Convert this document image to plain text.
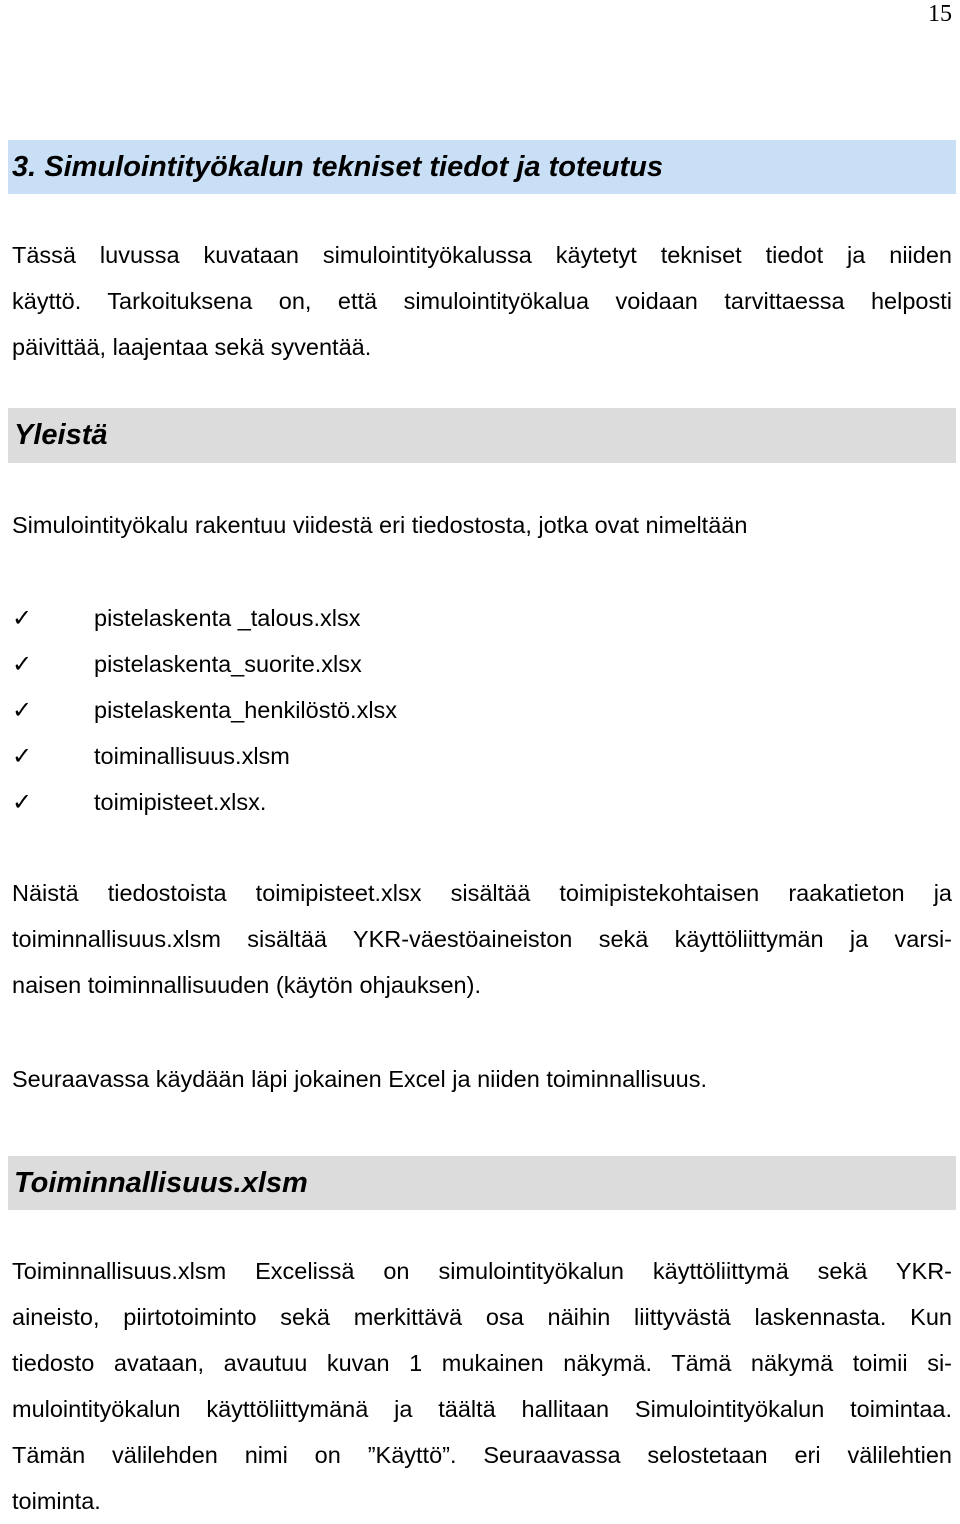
15
3. Simulointityökalun tekniset tiedot ja toteutus
Tässä luvussa kuvataan simulointityökalussa käytetyt tekniset tiedot ja niiden
käyttö. Tarkoituksena on, että simulointityökalua voidaan tarvittaessa helposti
päivittää, laajentaa sekä syventää.
Yleistä
Simulointityökalu rakentuu viidestä eri tiedostosta, jotka ovat nimeltään
✓	pistelaskenta _talous.xlsx
✓	pistelaskenta_suorite.xlsx
✓	pistelaskenta_henkilöstö.xlsx
✓	toiminallisuus.xlsm
✓	toimipisteet.xlsx.
Näistä tiedostoista toimipisteet.xlsx sisältää toimipistekohtaisen raakatieton ja
toiminnallisuus.xlsm sisältää YKR-väestöaineiston sekä käyttöliittymän ja varsi-
naisen toiminnallisuuden (käytön ohjauksen).
Seuraavassa käydään läpi jokainen Excel ja niiden toiminnallisuus.
Toiminnallisuus.xlsm
Toiminnallisuus.xlsm Excelissä on simulointityökalun käyttöliittymä sekä YKR-
aineisto, piirtotoiminto sekä merkittävä osa näihin liittyvästä laskennasta. Kun
tiedosto avataan, avautuu kuvan 1 mukainen näkymä. Tämä näkymä toimii si-
mulointityökalun käyttöliittymänä ja täältä hallitaan Simulointityökalun toimintaa.
Tämän välilehden nimi on ”Käyttö”. Seuraavassa selostetaan eri välilehtien
toiminta.
